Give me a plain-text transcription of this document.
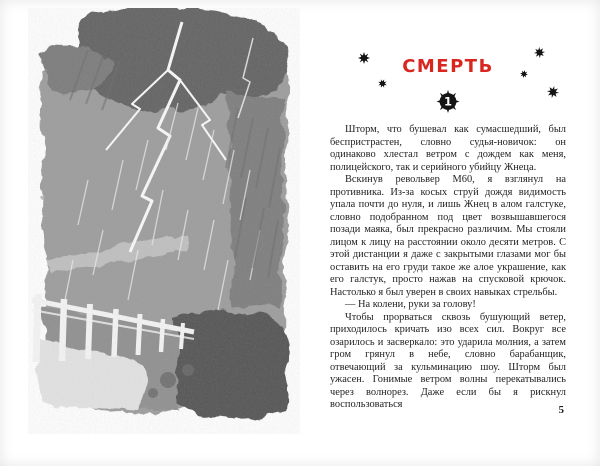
СМЕРТЬ
1

Шторм, что бушевал как сумасшедший, был беспристрастен, словно судья-новичок: он одинаково хлестал ветром с дождем как меня, полицейского, так и серийного убийцу Жнеца.

Вскинув револьвер М60, я взглянул на противника. Из-за косых струй дождя видимость упала почти до нуля, и лишь Жнец в алом галстуке, словно подобранном под цвет возвышавшегося позади маяка, был прекрасно различим. Мы стояли лицом к лицу на расстоянии около десяти метров. С этой дистанции я даже с закрытыми глазами мог бы оставить на его груди такое же алое украшение, как его галстук, просто нажав на спусковой крючок. Настолько я был уверен в своих навыках стрельбы.

— На колени, руки за голову!

Чтобы прорваться сквозь бушующий ветер, приходилось кричать изо всех сил. Вокруг все озарилось и засверкало: это ударила молния, а затем гром грянул в небе, словно барабанщик, отвечающий за кульминацию шоу. Шторм был ужасен. Гонимые ветром волны перекатывались через волнорез. Даже если бы я рискнул воспользоваться	5
